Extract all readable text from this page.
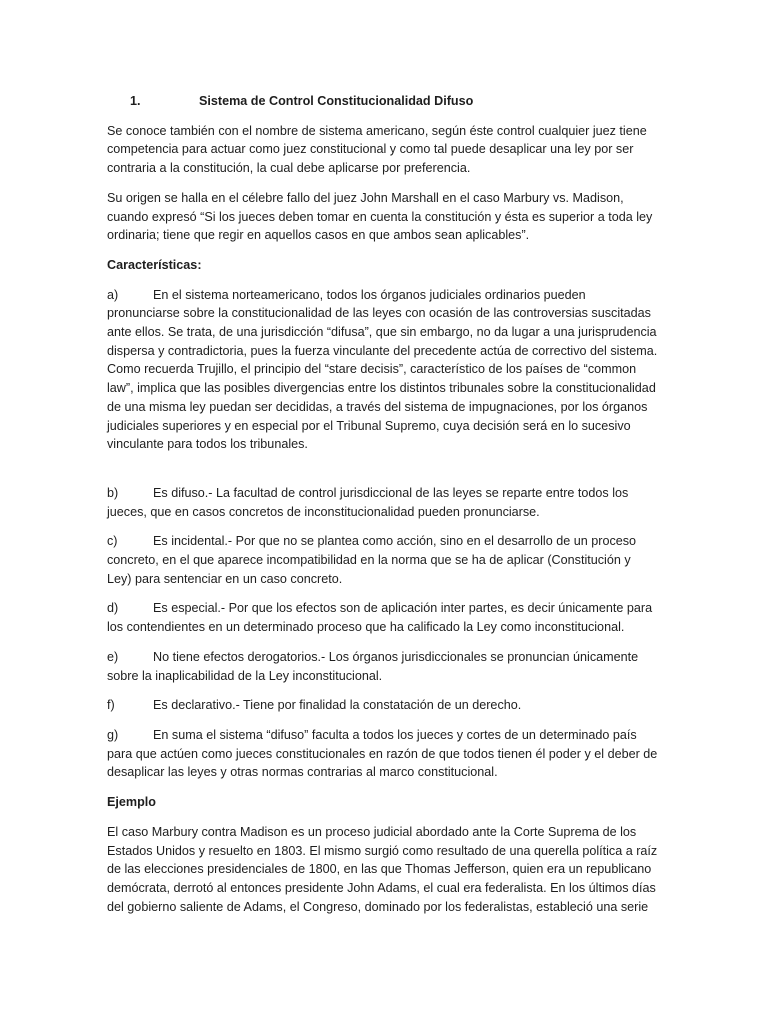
1.	Sistema de Control Constitucionalidad Difuso

Se conoce también con el nombre de sistema americano, según éste control cualquier juez tiene competencia para actuar como juez constitucional y como tal puede desaplicar una ley por ser contraria a la constitución, la cual debe aplicarse por preferencia.

Su origen se halla en el célebre fallo del juez John Marshall en el caso Marbury vs. Madison, cuando expresó “Si los jueces deben tomar en cuenta la constitución y ésta es superior a toda ley ordinaria; tiene que regir en aquellos casos en que ambos sean aplicables”.

Características:

a)	En el sistema norteamericano, todos los órganos judiciales ordinarios pueden pronunciarse sobre la constitucionalidad de las leyes con ocasión de las controversias suscitadas ante ellos. Se trata, de una jurisdicción “difusa”, que sin embargo, no da lugar a una jurisprudencia dispersa y contradictoria, pues la fuerza vinculante del precedente actúa de correctivo del sistema. Como recuerda Trujillo, el principio del “stare decisis”, característico de los países de “common law”, implica que las posibles divergencias entre los distintos tribunales sobre la constitucionalidad de una misma ley puedan ser decididas, a través del sistema de impugnaciones, por los órganos judiciales superiores y en especial por el Tribunal Supremo, cuya decisión será en lo sucesivo vinculante para todos los tribunales.

b)	Es difuso.- La facultad de control jurisdiccional de las leyes se reparte entre todos los jueces, que en casos concretos de inconstitucionalidad pueden pronunciarse.

c)	Es incidental.- Por que no se plantea como acción, sino en el desarrollo de un proceso concreto, en el que aparece incompatibilidad en la norma que se ha de aplicar (Constitución y Ley) para sentenciar en un caso concreto.

d)	Es especial.- Por que los efectos son de aplicación inter partes, es decir únicamente para los contendientes en un determinado proceso que ha calificado la Ley como inconstitucional.

e)	No tiene efectos derogatorios.- Los órganos jurisdiccionales se pronuncian únicamente sobre la inaplicabilidad de la Ley inconstitucional.

f)	Es declarativo.- Tiene por finalidad la constatación de un derecho.

g)	En suma el sistema “difuso” faculta a todos los jueces y cortes de un determinado país para que actúen como jueces constitucionales en razón de que todos tienen él poder y el deber de desaplicar las leyes y otras normas contrarias al marco constitucional.

Ejemplo

El caso Marbury contra Madison es un proceso judicial abordado ante la Corte Suprema de los Estados Unidos y resuelto en 1803. El mismo surgió como resultado de una querella política a raíz de las elecciones presidenciales de 1800, en las que Thomas Jefferson, quien era un republicano demócrata, derrotó al entonces presidente John Adams, el cual era federalista. En los últimos días del gobierno saliente de Adams, el Congreso, dominado por los federalistas, estableció una serie
